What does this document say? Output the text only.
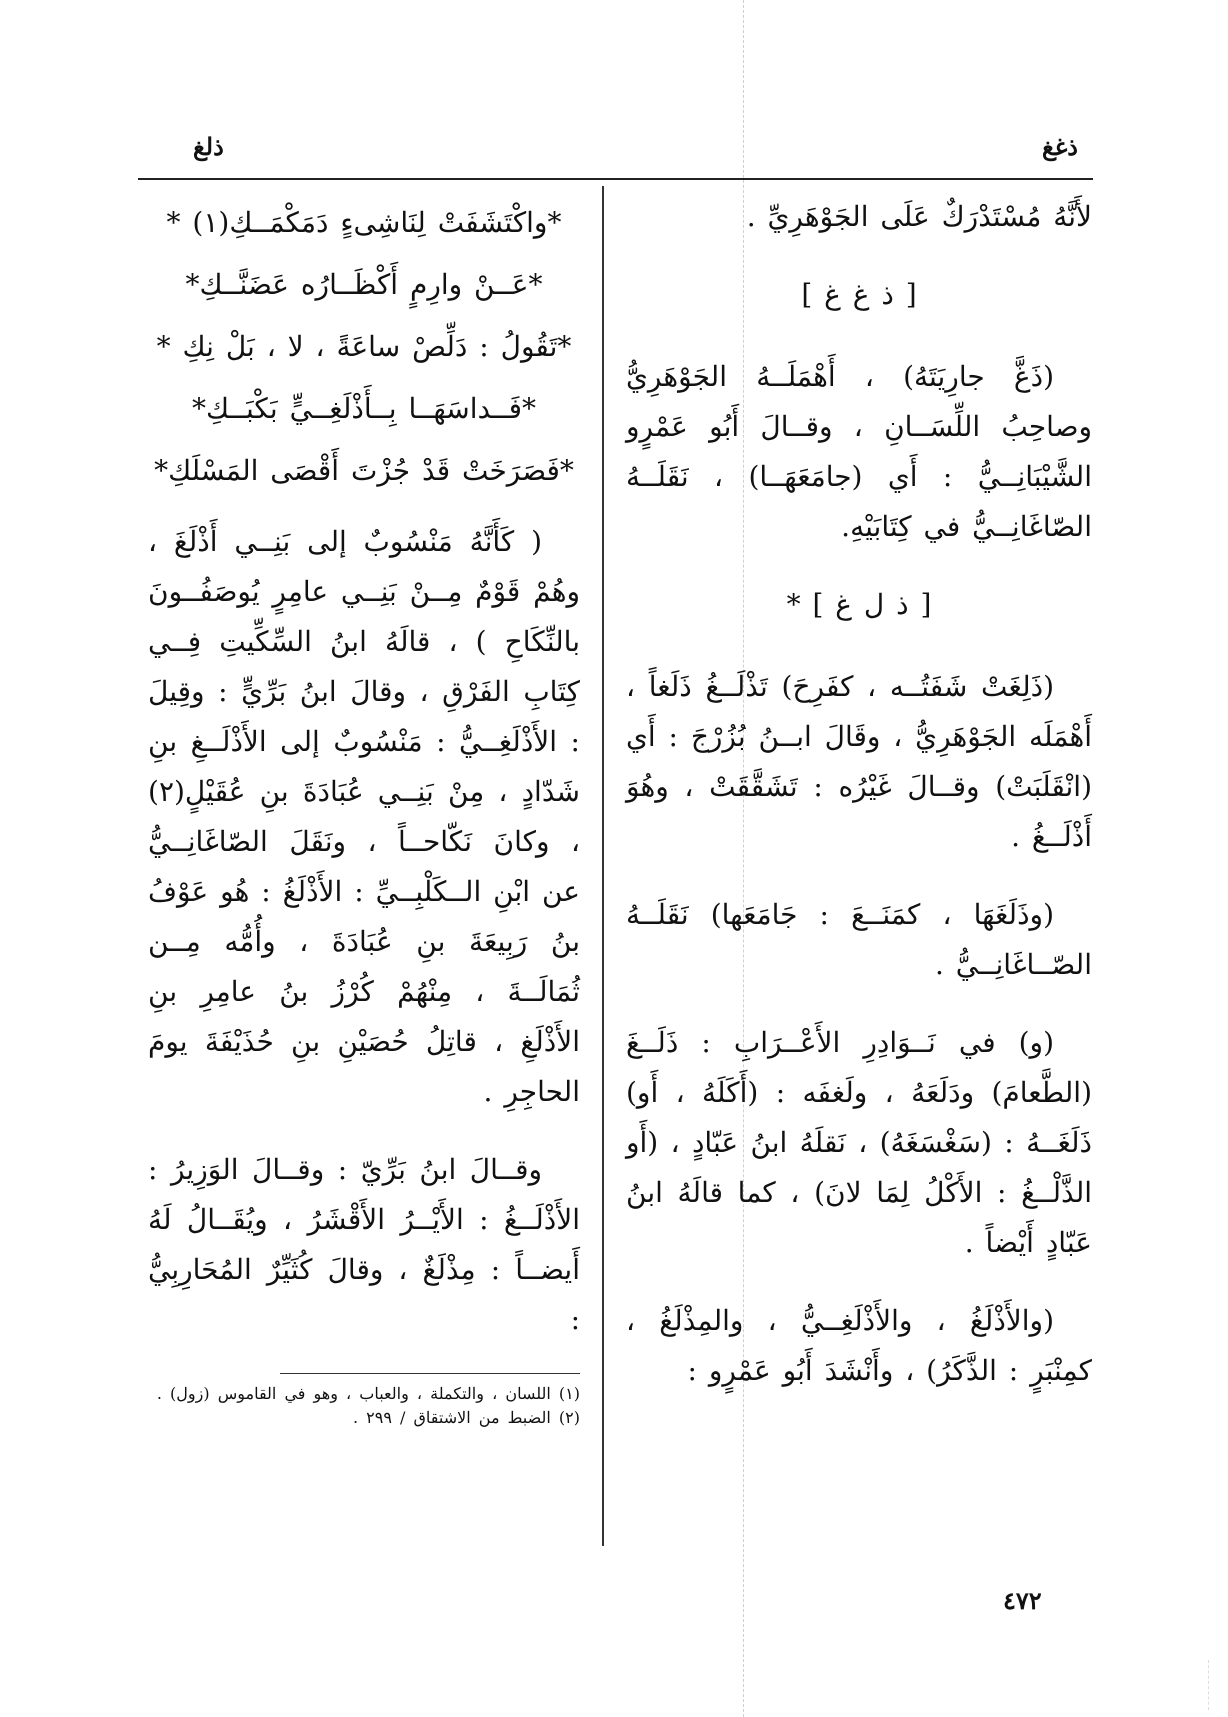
ذغغ
ذلغ

لأَنَّهُ مُسْتَدْرَكٌ عَلَى الجَوْهَرِيِّ .

[ ذ غ غ ]

(ذَغَّ جارِيَتَهُ) ، أَهْمَلَــهُ الجَوْهَرِيُّ وصاحِبُ اللِّسَــانِ ، وقــالَ أَبُو عَمْرٍو الشَّيْبَانِــيُّ : أَي (جامَعَهَــا) ، نَقَلَــهُ الصّاغَانِــيُّ في كِتَابَيْهِ.

[ ذ ل غ ] *

(ذَلِغَتْ شَفَتُــه ، كفَرِحَ) تَذْلَــغُ ذَلَغاً ، أَهْمَلَه الجَوْهَرِيُّ ، وقَالَ ابــنُ بُزُرْجَ : أَي (انْقَلَبَتْ) وقــالَ غَيْرُه : تَشَقَّقَتْ ، وهُوَ أَذْلَــغُ .

(وذَلَغَهَا ، كمَنَــعَ : جَامَعَها) نَقَلَــهُ الصّــاغَانِــيُّ .

(و) في نَــوَادِرِ الأَعْــرَابِ : ذَلَــغَ (الطَّعامَ) ودَلَعَهُ ، ولَغفَه : (أَكَلَهُ ، أَو) ذَلَغَــهُ : (سَغْسَغَهُ) ، نَقلَهُ ابنُ عَبّادٍ ، (أَو الذَّلْــغُ : الأَكْلُ لِمَا لانَ) ، كما قالَهُ ابنُ عَبّادٍ أَيْضاً .

(والأَذْلَغُ ، والأَذْلَغِــيُّ ، والمِذْلَغُ ، كمِنْبَرٍ : الذَّكَرُ) ، وأَنْشَدَ أَبُو عَمْرٍو :

*واكْتَشَفَتْ لِنَاشِىءٍ دَمَكْمَــكِ(١) *
*عَــنْ وارِمٍ أَكْظَــارُه عَضَنَّــكِ*
*تَقُولُ : دَلِّصْ ساعَةً ، لا ، بَلْ نِكِ *
*فَــداسَهَــا بِــأَذْلَغِــيٍّ بَكْبَــكِ*
*فَصَرَخَتْ قَدْ جُزْتَ أَقْصَى المَسْلَكِ*

( كَأَنَّهُ مَنْسُوبٌ إلى بَنِــي أَذْلَغَ ، وهُمْ قَوْمٌ مِــنْ بَنِــي عامِرٍ يُوصَفُــونَ بالنِّكَاحِ ) ، قالَهُ ابنُ السِّكِّيتِ فِــي كِتَابِ الفَرْقِ ، وقالَ ابنُ بَرِّيٍّ : وقِيلَ : الأَذْلَغِــيُّ : مَنْسُوبٌ إلى الأَذْلَــغِ بنِ شَدّادٍ ، مِنْ بَنِــي عُبَادَةَ بنِ عُقَيْلٍ(٢) ، وكانَ نَكّاحــاً ، ونَقَلَ الصّاغَانِــيُّ عن ابْنِ الــكَلْبِــيِّ : الأَذْلَغُ : هُو عَوْفُ بنُ رَبِيعَةَ بنِ عُبَادَةَ ، وأُمُّه مِــن ثُمَالَــةَ ، مِنْهُمْ كُرْزُ بنُ عامِرِ بنِ الأَذْلَغِ ، قاتِلُ حُصَيْنِ بنِ حُذَيْفَةَ يومَ الحاجِرِ .

وقــالَ ابنُ بَرِّيّ : وقــالَ الوَزِيرُ : الأَذْلَــغُ : الأَيْــرُ الأَقْشَرُ ، ويُقَــالُ لَهُ أَيضــاً : مِذْلَغٌ ، وقالَ كُثَيِّرٌ المُحَارِبِيُّ :

(١) اللسان ، والتكملة ، والعباب ، وهو في القاموس (زول) .

(٢) الضبط من الاشتقاق / ٢٩٩ .

٤٧٢
